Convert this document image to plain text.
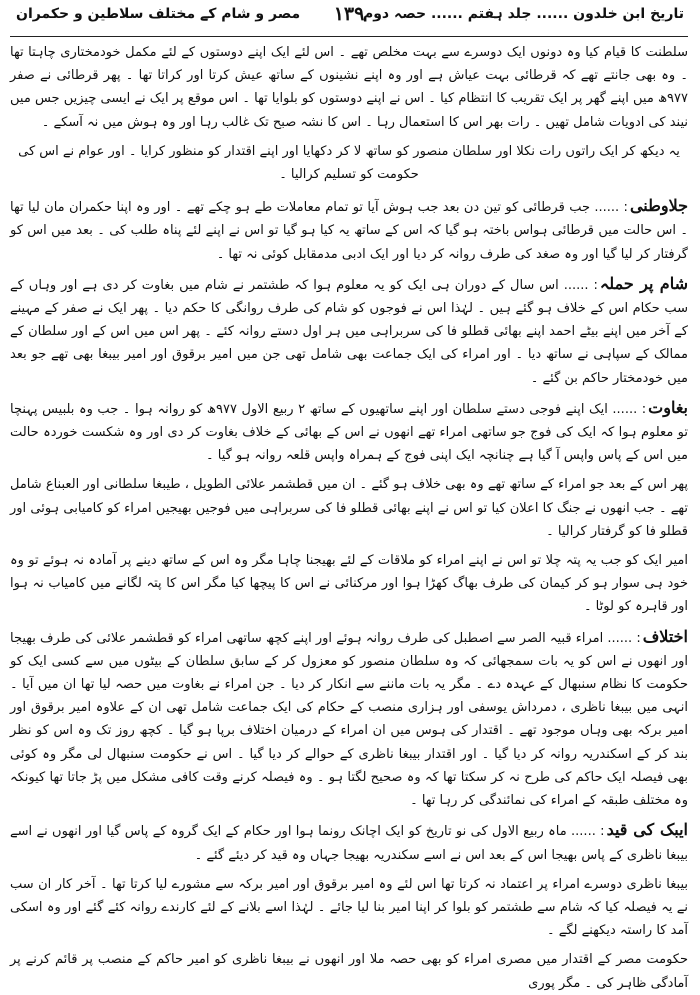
مصر و شام کے مختلف سلاطین و حکمران	۱۳۹
تاریخ ابن خلدون ...... جلد ہفتم ...... حصہ دوم

سلطنت کا قیام کیا وہ دونوں ایک دوسرے سے بہت مخلص تھے ۔ اس لئے ایک اپنے دوستوں کے لئے مکمل خودمختاری چاہتا تھا ۔ وہ بھی جانتے تھے کہ قرطائی بہت عیاش ہے اور وہ اپنے نشینوں کے ساتھ عیش کرتا اور کراتا تھا ۔ پھر قرطائی نے صفر ۹۷۷ھ میں اپنے گھر پر ایک تقریب کا انتظام کیا ۔ اس نے اپنے دوستوں کو بلوایا تھا ۔ اس موقع پر ایک نے ایسی چیزیں جس میں نیند کی ادویات شامل تھیں ۔ رات بھر اس کا استعمال رہا ۔ اس کا نشہ صبح تک غالب رہا اور وہ ہوش میں نہ آسکے ۔

یہ دیکھ کر ایک راتوں رات نکلا اور سلطان منصور کو ساتھ لا کر دکھایا اور اپنے اقتدار کو منظور کرایا ۔ اور عوام نے اس کی حکومت کو تسلیم کرالیا ۔

جلاوطنی: ...... جب قرطائی کو تین دن بعد جب ہوش آیا تو تمام معاملات طے ہو چکے تھے ۔ اور وہ اپنا حکمران مان لیا تھا ۔ اس حالت میں قرطائی ہواس باختہ ہو گیا کہ اس کے ساتھ یہ کیا ہو گیا تو اس نے اپنے لئے پناہ طلب کی ۔ بعد میں اس کو گرفتار کر لیا گیا اور وہ صغد کی طرف روانہ کر دیا اور ایک ادبی مدمقابل کوئی نہ تھا ۔

شام پر حملہ: ...... اس سال کے دوران ہی ایک کو یہ معلوم ہوا کہ طشتمر نے شام میں بغاوت کر دی ہے اور وہاں کے سب حکام اس کے خلاف ہو گئے ہیں ۔ لہٰذا اس نے فوجوں کو شام کی طرف روانگی کا حکم دیا ۔ پھر ایک نے صفر کے مہینے کے آخر میں اپنے بیٹے احمد اپنے بھائی قطلو فا کی سربراہی میں ہر اول دستے روانہ کئے ۔ پھر اس میں اس کے اور سلطان کے ممالک کے سپاہی نے ساتھ دیا ۔ اور امراء کی ایک جماعت بھی شامل تھی جن میں امیر برقوق اور امیر بیبغا بھی تھے جو بعد میں خودمختار حاکم بن گئے ۔

بغاوت: ...... ایک اپنے فوجی دستے سلطان اور اپنے ساتھیوں کے ساتھ ۲ ربیع الاول ۹۷۷ھ کو روانہ ہوا ۔ جب وہ بلبیس پہنچا تو معلوم ہوا کہ ایک کی فوج جو ساتھی امراء تھے انھوں نے اس کے بھائی کے خلاف بغاوت کر دی اور وہ شکست خوردہ حالت میں اس کے پاس واپس آ گیا ہے چنانچہ ایک اپنی فوج کے ہمراہ واپس قلعہ روانہ ہو گیا ۔

پھر اس کے بعد جو امراء کے ساتھ تھے وہ بھی خلاف ہو گئے ۔ ان میں قطشمر علائی الطویل ، طیبغا سلطانی اور العبناع شامل تھے ۔ جب انھوں نے جنگ کا اعلان کیا تو اس نے اپنے بھائی قطلو فا کی سربراہی میں فوجیں بھیجیں امراء کو کامیابی ہوئی اور قطلو فا کو گرفتار کرالیا ۔

امیر ایک کو جب یہ پتہ چلا تو اس نے اپنے امراء کو ملاقات کے لئے بھیجنا چاہا مگر وہ اس کے ساتھ دینے پر آمادہ نہ ہوئے تو وہ خود ہی سوار ہو کر کیمان کی طرف بھاگ کھڑا ہوا اور مرکنائی نے اس کا پیچھا کیا مگر اس کا پتہ لگانے میں کامیاب نہ ہوا اور قاہرہ کو لوٹا ۔

اختلاف: ...... امراء قبیہ الصر سے اصطبل کی طرف روانہ ہوئے اور اپنے کچھ ساتھی امراء کو قطشمر علائی کی طرف بھیجا اور انھوں نے اس کو یہ بات سمجھائی کہ وہ سلطان منصور کو معزول کر کے سابق سلطان کے بیٹوں میں سے کسی ایک کو حکومت کا نظام سنبھال کے عہدہ دے ۔ مگر یہ بات ماننے سے انکار کر دیا ۔ جن امراء نے بغاوت میں حصہ لیا تھا ان میں آیا ۔ انہی میں بیبغا ناظری ، دمرداش یوسفی اور ہزاری منصب کے حکام کی ایک جماعت شامل تھی ان کے علاوہ امیر برقوق اور امیر برکہ بھی وہاں موجود تھے ۔ اقتدار کی ہوس میں ان امراء کے درمیان اختلاف برپا ہو گیا ۔ کچھ روز تک وہ اس کو نظر بند کر کے اسکندریہ روانہ کر دیا گیا ۔ اور اقتدار بیبغا ناظری کے حوالے کر دیا گیا ۔ اس نے حکومت سنبھال لی مگر وہ کوئی بھی فیصلہ ایک حاکم کی طرح نہ کر سکتا تھا کہ وہ صحیح لگتا ہو ۔ وہ فیصلہ کرنے وقت کافی مشکل میں پڑ جاتا تھا کیونکہ وہ مختلف طبقہ کے امراء کی نمائندگی کر رہا تھا ۔

ایبک کی قید: ...... ماہ ربیع الاول کی نو تاریخ کو ایک اچانک رونما ہوا اور حکام کے ایک گروہ کے پاس گیا اور انھوں نے اسے بیبغا ناظری کے پاس بھیجا اس کے بعد اس نے اسے سکندریہ بھیجا جہاں وہ قید کر دیئے گئے ۔

بیبغا ناظری دوسرے امراء پر اعتماد نہ کرتا تھا اس لئے وہ امیر برقوق اور امیر برکہ سے مشورے لیا کرتا تھا ۔ آخر کار ان سب نے یہ فیصلہ کیا کہ شام سے طشتمر کو بلوا کر اپنا امیر بنا لیا جائے ۔ لہٰذا اسے بلانے کے لئے کارندے روانہ کئے گئے اور وہ اسکی آمد کا راستہ دیکھنے لگے ۔

حکومت مصر کے اقتدار میں مصری امراء کو بھی حصہ ملا اور انھوں نے بیبغا ناظری کو امیر حاکم کے منصب پر قائم کرنے پر آمادگی ظاہر کی ۔ مگر پوری
